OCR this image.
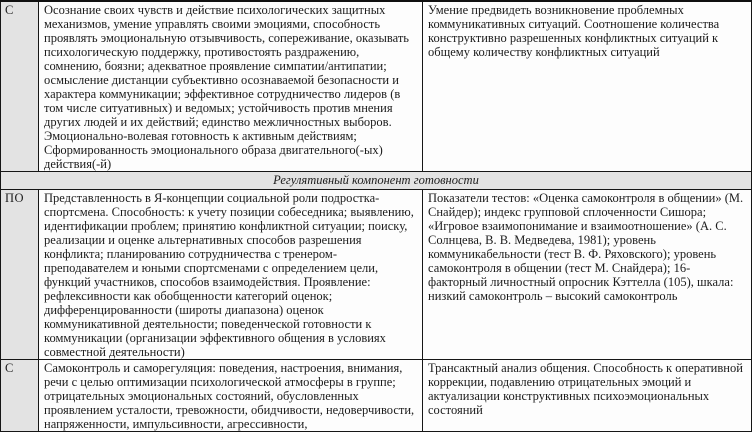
С	Осознание своих чувств и действие психологических защитных механизмов, умение управлять своими эмоциями, способность проявлять эмоциональную отзывчивость, сопереживание, оказывать психологическую поддержку, противостоять раздражению, сомнению, боязни; адекватное проявление симпатии/антипатии; осмысление дистанции субъективно осознаваемой безопасности и характера коммуникации; эффективное сотрудничество лидеров (в том числе ситуативных) и ведомых; устойчивость против мнения других людей и их действий; единство межличностных выборов. Эмоционально-волевая готовность к активным действиям; Сформированность эмоционального образа двигательного(-ых) действия(-й)	Умение предвидеть возникновение проблемных коммуникативных ситуаций. Соотношение количества конструктивно разрешенных конфликтных ситуаций к общему количеству конфликтных ситуаций
Регулятивный компонент готовности		
ПО	Представленность в Я-концепции социальной роли подростка-спортсмена. Способность: к учету позиции собеседника; выявлению, идентификации проблем; принятию конфликтной ситуации; поиску, реализации и оценке альтернативных способов разрешения конфликта; планированию сотрудничества с тренером-преподавателем и юными спортсменами с определением цели, функций участников, способов взаимодействия. Проявление: рефлексивности как обобщенности категорий оценок; дифференцированности (широты диапазона) оценок коммуникативной деятельности; поведенческой готовности к коммуникации (организации эффективного общения в условиях совместной деятельности)	Показатели тестов: «Оценка самоконтроля в общении» (М. Снайдер); индекс групповой сплоченности Сишора; «Игровое взаимопонимание и взаимоотношение» (А. С. Солнцева, В. В. Медведева, 1981); уровень коммуникабельности (тест В. Ф. Ряховского); уровень самоконтроля в общении (тест М. Снайдера); 16-факторный личностный опросник Кэттелла (105), шкала: низкий самоконтроль – высокий самоконтроль
С	Самоконтроль и саморегуляция: поведения, настроения, внимания, речи с целью оптимизации психологической атмосферы в группе; отрицательных эмоциональных состояний, обусловленных проявлением усталости, тревожности, обидчивости, недоверчивости, напряженности, импульсивности, агрессивности,	Трансактный анализ общения. Способность к оперативной коррекции, подавлению отрицательных эмоций и актуализации конструктивных психоэмоциональных состояний
